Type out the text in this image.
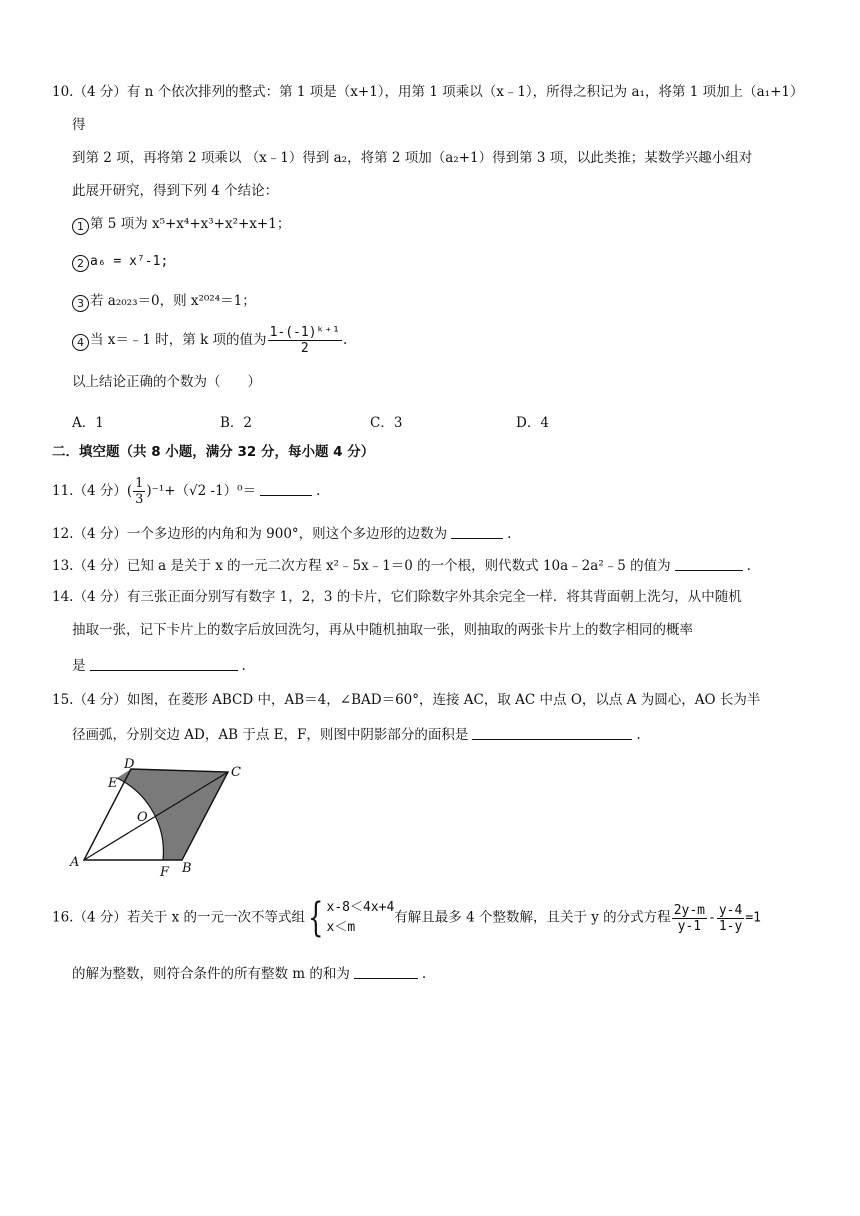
10.（4 分）有 n 个依次排列的整式：第 1 项是（x+1），用第 1 项乘以（x﹣1），所得之积记为 a₁，将第 1 项加上（a₁+1）
得
到第 2 项，再将第 2 项乘以 （x﹣1）得到 a₂，将第 2 项加（a₂+1）得到第 3 项，以此类推；某数学兴趣小组对
此展开研究，得到下列 4 个结论：
1 第 5 项为 x⁵+x⁴+x³+x²+x+1；
2 a₆ = x⁷-1;
3 若 a₂₀₂₃＝0，则 x²⁰²⁴＝1；
4 当 x＝﹣1 时，第 k 项的值为 $\frac{\text{1-(-1)ᵏ⁺¹}}{2}$ .
以上结论正确的个数为（　　）
A．1	B．2	C．3	D．4
二．填空题（共 8 小题，满分 32 分，每小题 4 分）
11.（4 分）( $\frac{1}{3} )^{-1}+(√2$ -1）⁰＝	.
12.（4 分）一个多边形的内角和为 900°，则这个多边形的边数为	.
13.（4 分）已知 a 是关于 x 的一元二次方程 x²﹣5x﹣1＝0 的一个根，则代数式 10a﹣2a²﹣5 的值为	.
14.（4 分）有三张正面分别写有数字 1，2，3 的卡片，它们除数字外其余完全一样．将其背面朝上洗匀，从中随机
抽取一张，记下卡片上的数字后放回洗匀，再从中随机抽取一张，则抽取的两张卡片上的数字相同的概率
是	.
15.（4 分）如图，在菱形 ABCD 中，AB＝4，∠BAD＝60°，连接 AC，取 AC 中点 O，以点 A 为圆心，AO 长为半
径画弧，分别交边 AD，AB 于点 E，F，则图中阴影部分的面积是	.
D
C
E
O
A
F B
16.（4 分）若关于 x 的一元一次不等式组{ x-8＜4x+4
x＜m
有解且最多 4 个整数解，且关于 y 的分式方程 $\frac{2y-m}{y-1} - \frac{y-4}{1-y} =1$
的解为整数，则符合条件的所有整数 m 的和为	.
